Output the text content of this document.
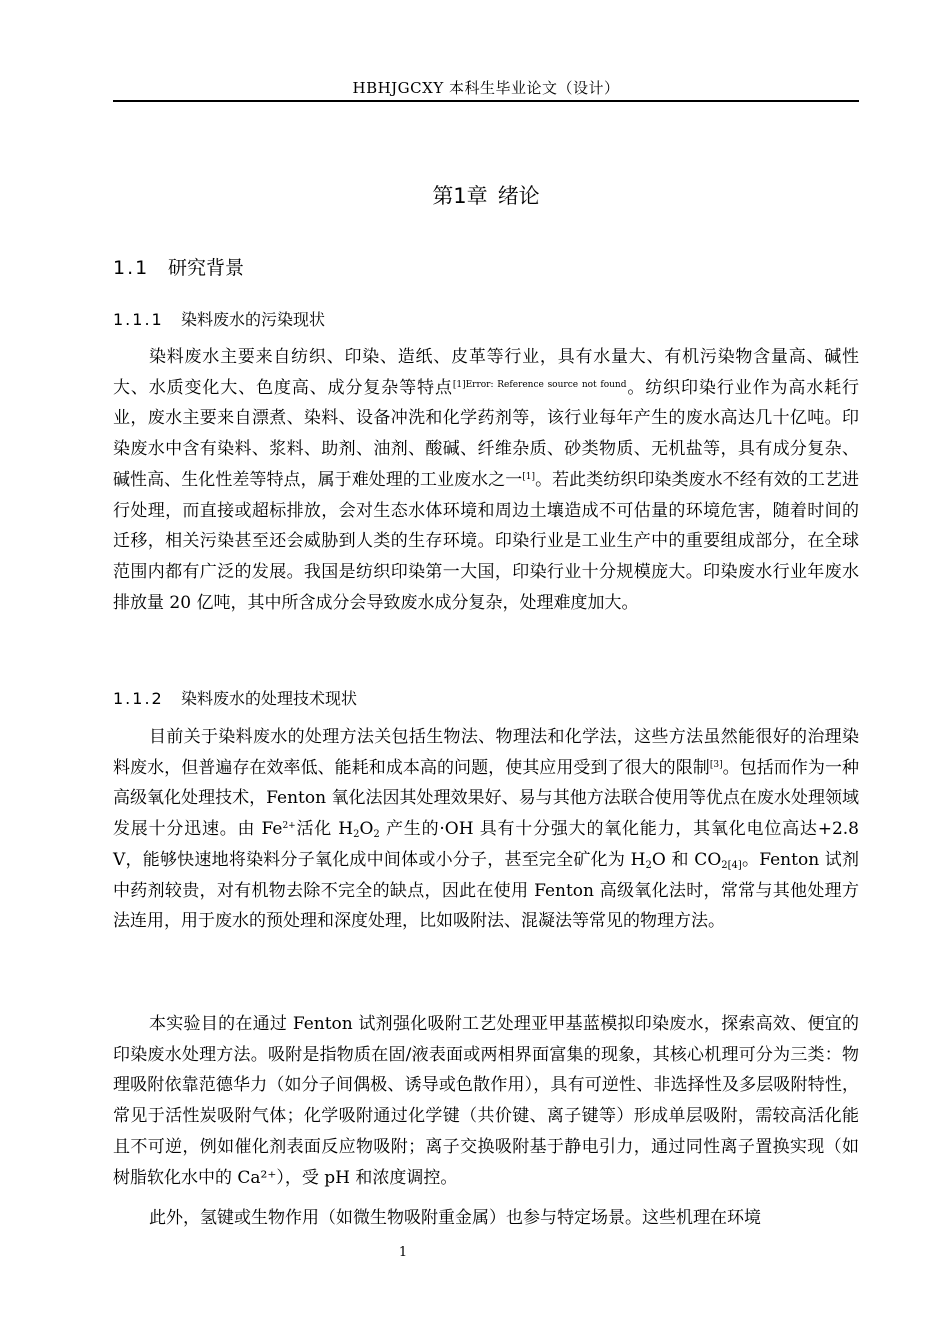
HBHJGCXY 本科生毕业论文（设计）
第1章 绪论
1.1 研究背景
1.1.1 染料废水的污染现状

染料废水主要来自纺织、印染、造纸、皮革等行业，具有水量大、有机污染物含量高、碱性大、水质变化大、色度高、成分复杂等特点$^{[1]Error: Reference source not found}$。纺织印染行业作为高水耗行业，废水主要来自漂煮、染料、设备冲洗和化学药剂等，该行业每年产生的废水高达几十亿吨。印染废水中含有染料、浆料、助剂、油剂、酸碱、纤维杂质、砂类物质、无机盐等，具有成分复杂、碱性高、生化性差等特点，属于难处理的工业废水之一[1]。若此类纺织印染类废水不经有效的工艺进行处理，而直接或超标排放，会对生态水体环境和周边土壤造成不可估量的环境危害，随着时间的迁移，相关污染甚至还会威胁到人类的生存环境。印染行业是工业生产中的重要组成部分，在全球范围内都有广泛的发展。我国是纺织印染第一大国，印染行业十分规模庞大。印染废水行业年废水排放量 20 亿吨，其中所含成分会导致废水成分复杂，处理难度加大。

1.1.2 染料废水的处理技术现状

目前关于染料废水的处理方法关包括生物法、物理法和化学法，这些方法虽然能很好的治理染料废水，但普遍存在效率低、能耗和成本高的问题，使其应用受到了很大的限制[3]。包括而作为一种高级氧化处理技术，Fenton 氧化法因其处理效果好、易与其他方法联合使用等优点在废水处理领域发展十分迅速。由 $Fe^{2+}$活化 $H_2O_2$ 产生的·OH 具有十分强大的氧化能力，其氧化电位高达+2.8 V，能够快速地将染料分子氧化成中间体或小分子，甚至完全矿化为 $H_2O$ 和 $CO_{2[4]}$。Fenton 试剂中药剂较贵，对有机物去除不完全的缺点，因此在使用 Fenton 高级氧化法时，常常与其他处理方法连用，用于废水的预处理和深度处理，比如吸附法、混凝法等常见的物理方法。

本实验目的在通过 Fenton 试剂强化吸附工艺处理亚甲基蓝模拟印染废水，探索高效、便宜的印染废水处理方法。吸附是指物质在固/液表面或两相界面富集的现象，其核心机理可分为三类：物理吸附依靠范德华力（如分子间偶极、诱导或色散作用），具有可逆性、非选择性及多层吸附特性，常见于活性炭吸附气体；化学吸附通过化学键（共价键、离子键等）形成单层吸附，需较高活化能且不可逆，例如催化剂表面反应物吸附；离子交换吸附基于静电引力，通过同性离子置换实现（如树脂软化水中的 Ca²⁺），受 pH 和浓度调控。

此外，氢键或生物作用（如微生物吸附重金属）也参与特定场景。这些机理在环境

1
